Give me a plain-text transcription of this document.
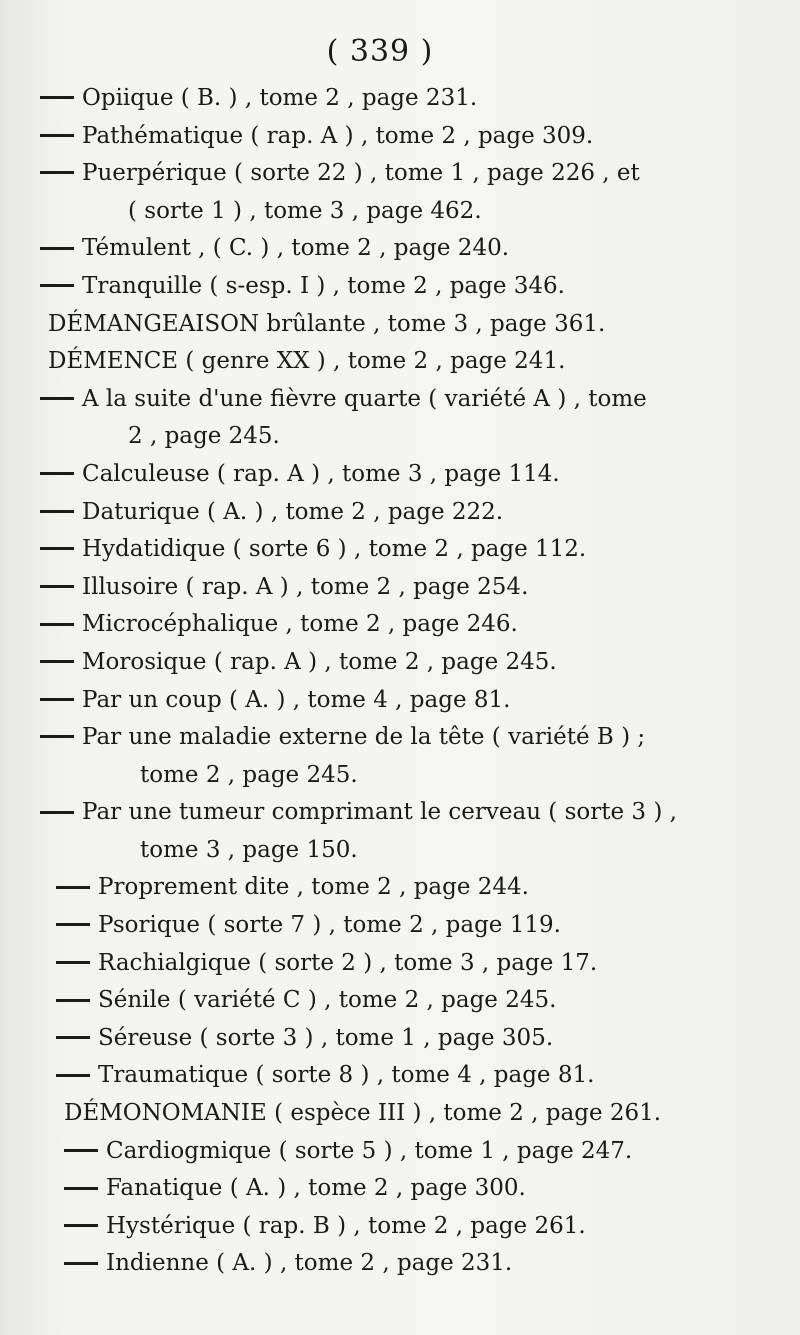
( 339 )
Opiique ( B. ) , tome 2 , page 231.
Pathématique ( rap. A ) , tome 2 , page 309.
Puerpérique ( sorte 22 ) , tome 1 , page 226 , et
( sorte 1 ) , tome 3 , page 462.
Témulent , ( C. ) , tome 2 , page 240.
Tranquille ( s-esp. I ) , tome 2 , page 346.
DÉMANGEAISON brûlante , tome 3 , page 361.
DÉMENCE ( genre XX ) , tome 2 , page 241.
A la suite d'une fièvre quarte ( variété A ) , tome
2 , page 245.
Calculeuse ( rap. A ) , tome 3 , page 114.
Daturique ( A. ) , tome 2 , page 222.
Hydatidique ( sorte 6 ) , tome 2 , page 112.
Illusoire ( rap. A ) , tome 2 , page 254.
Microcéphalique , tome 2 , page 246.
Morosique ( rap. A ) , tome 2 , page 245.
Par un coup ( A. ) , tome 4 , page 81.
Par une maladie externe de la tête ( variété B ) ;
tome 2 , page 245.
Par une tumeur comprimant le cerveau ( sorte 3 ) ,
tome 3 , page 150.
Proprement dite , tome 2 , page 244.
Psorique ( sorte 7 ) , tome 2 , page 119.
Rachialgique ( sorte 2 ) , tome 3 , page 17.
Sénile ( variété C ) , tome 2 , page 245.
Séreuse ( sorte 3 ) , tome 1 , page 305.
Traumatique ( sorte 8 ) , tome 4 , page 81.
DÉMONOMANIE ( espèce III ) , tome 2 , page 261.
Cardiogmique ( sorte 5 ) , tome 1 , page 247.
Fanatique ( A. ) , tome 2 , page 300.
Hystérique ( rap. B ) , tome 2 , page 261.
Indienne ( A. ) , tome 2 , page 231.
